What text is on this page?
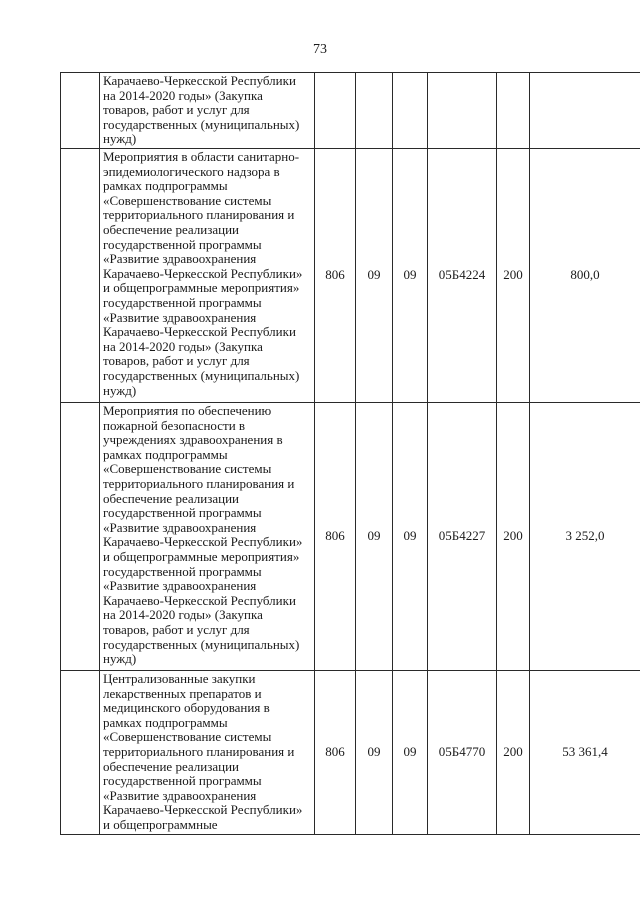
73
	Карачаево-Черкесской Республики на 2014-2020 годы» (Закупка товаров, работ и услуг для государственных (муниципальных) нужд)						
	Мероприятия в области санитарно-эпидемиологического надзора в рамках подпрограммы «Совершенствование системы территориального планирования и обеспечение реализации государственной программы «Развитие здравоохранения Карачаево-Черкесской Республики» и общепрограммные мероприятия» государственной программы «Развитие здравоохранения Карачаево-Черкесской Республики на 2014-2020 годы» (Закупка товаров, работ и услуг для государственных (муниципальных) нужд)	806	09	09	05Б4224	200	800,0
	Мероприятия по обеспечению пожарной безопасности в учреждениях здравоохранения в рамках подпрограммы «Совершенствование системы территориального планирования и обеспечение реализации государственной программы «Развитие здравоохранения Карачаево-Черкесской Республики» и общепрограммные мероприятия» государственной программы «Развитие здравоохранения Карачаево-Черкесской Республики на 2014-2020 годы» (Закупка товаров, работ и услуг для государственных (муниципальных) нужд)	806	09	09	05Б4227	200	3 252,0
	Централизованные закупки лекарственных препаратов и медицинского оборудования в рамках подпрограммы «Совершенствование системы территориального планирования и обеспечение реализации государственной программы «Развитие здравоохранения Карачаево-Черкесской Республики» и общепрограммные	806	09	09	05Б4770	200	53 361,4
